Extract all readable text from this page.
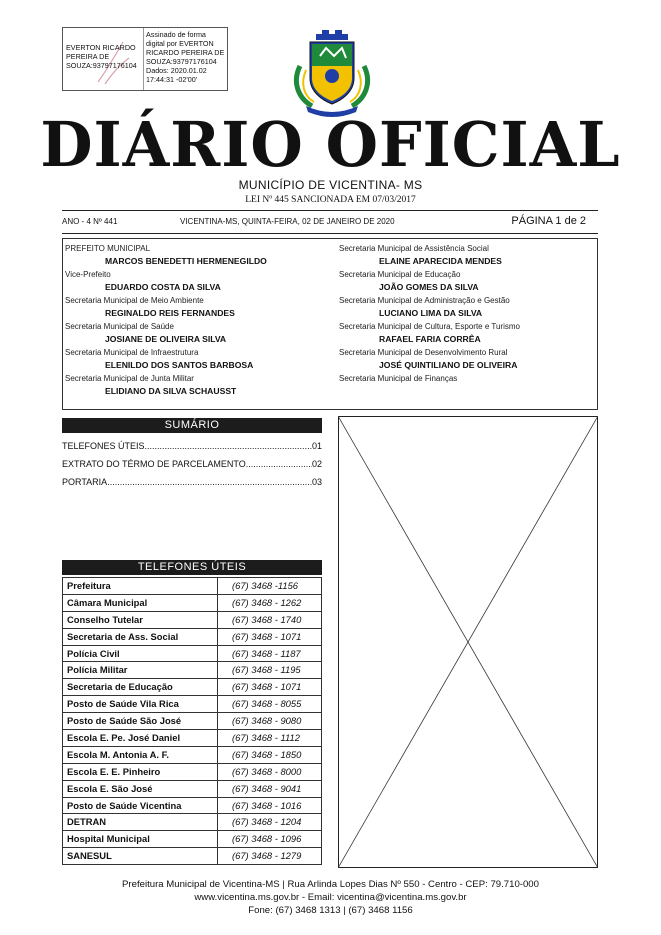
EVERTON RICARDO
PEREIRA DE
SOUZA:93797176104
Assinado de forma
digital por EVERTON
RICARDO PEREIRA DE
SOUZA:93797176104
Dados: 2020.01.02
17:44:31 -02'00'
DIÁRIO OFICIAL
MUNICÍPIO DE VICENTINA- MS
LEI Nº 445 SANCIONADA EM 07/03/2017
ANO - 4 Nº 441	VICENTINA-MS, QUINTA-FEIRA, 02 DE JANEIRO DE 2020	PÁGINA 1 de 2
PREFEITO MUNICIPAL
MARCOS BENEDETTI HERMENEGILDO
Vice-Prefeito
EDUARDO COSTA DA SILVA
Secretaria Municipal de Meio Ambiente
REGINALDO REIS FERNANDES
Secretaria Municipal de Saúde
JOSIANE DE OLIVEIRA SILVA
Secretaria Municipal de Infraestrutura
ELENILDO DOS SANTOS BARBOSA
Secretaria Municipal de Junta Militar
ELIDIANO DA SILVA SCHAUSST
Secretaria Municipal de Assistência Social
ELAINE APARECIDA MENDES
Secretaria Municipal de Educação
JOÃO GOMES DA SILVA
Secretaria Municipal de Administração e Gestão
LUCIANO LIMA DA SILVA
Secretaria Municipal de Cultura, Esporte e Turismo
RAFAEL FARIA CORRÊA
Secretaria Municipal de Desenvolvimento Rural
JOSÉ QUINTILIANO DE OLIVEIRA
Secretaria Municipal de Finanças
SUMÁRIO
TELEFONES ÚTEIS .....	01
EXTRATO DO TÉRMO DE PARCELAMENTO .....	02
PORTARIA .....	03
TELEFONES ÚTEIS
Prefeitura	(67) 3468 -1156
Câmara Municipal	(67) 3468 - 1262
Conselho Tutelar	(67) 3468 - 1740
Secretaria de Ass. Social	(67) 3468 - 1071
Polícia Civil	(67) 3468 - 1187
Polícia Militar	(67) 3468 - 1195
Secretaria de Educação	(67) 3468 - 1071
Posto de Saúde Vila Rica	(67) 3468 - 8055
Posto de Saúde São José	(67) 3468 - 9080
Escola E. Pe. José Daniel	(67) 3468 - 1112
Escola M. Antonia A. F.	(67) 3468 - 1850
Escola E. E. Pinheiro	(67) 3468 - 8000
Escola E. São José	(67) 3468 - 9041
Posto de Saúde Vicentina	(67) 3468 - 1016
DETRAN	(67) 3468 - 1204
Hospital Municipal	(67) 3468 - 1096
SANESUL	(67) 3468 - 1279
Prefeitura Municipal de Vicentina-MS | Rua Arlinda Lopes Dias Nº 550 - Centro - CEP: 79.710-000
www.vicentina.ms.gov.br - Email: vicentina@vicentina.ms.gov.br
Fone: (67) 3468 1313 | (67) 3468 1156
